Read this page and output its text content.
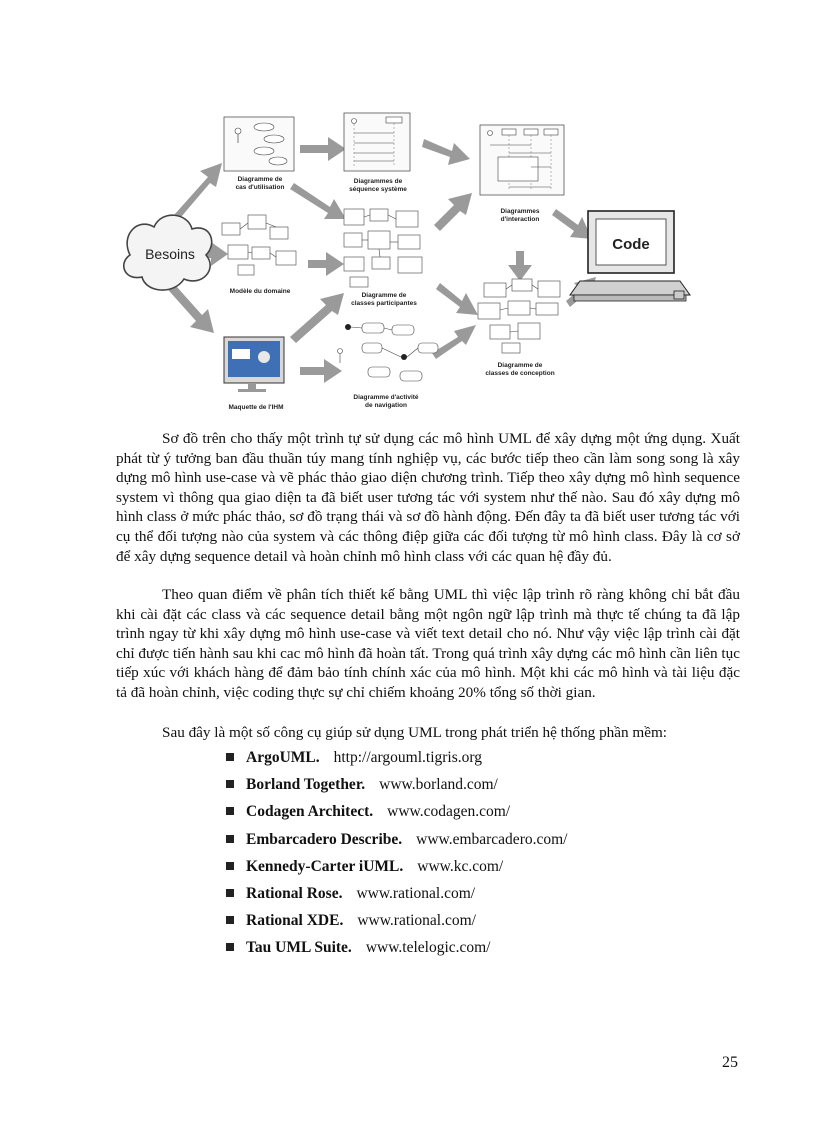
Besoins
Diagramme de
cas d'utilisation
Modèle du domaine
Maquette de l'IHM
Diagrammes de
séquence système
Diagramme de
classes participantes
Diagramme d'activité
de navigation
Diagrammes
d'interaction
Diagramme de
classes de conception
Code

Sơ đồ trên cho thấy một trình tự sử dụng các mô hình UML để xây dựng một ứng dụng. Xuất phát từ ý tưởng ban đầu thuần túy mang tính nghiệp vụ, các bước tiếp theo cần làm song song là xây dựng mô hình use-case và vẽ phác thảo giao diện chương trình. Tiếp theo xây dựng mô hình sequence system vì thông qua giao diện ta đã biết user tương tác với system như thế nào. Sau đó xây dựng mô hình class ở mức phác thảo, sơ đồ trạng thái và sơ đồ hành động. Đến đây ta đã biết user tương tác với cụ thể đối tượng nào của system và các thông điệp giữa các đối tượng từ mô hình class. Đây là cơ sở để xây dựng sequence detail và hoàn chỉnh mô hình class với các quan hệ đầy đủ.

Theo quan điểm về phân tích thiết kế bằng UML thì việc lập trình rõ ràng không chỉ bắt đầu khi cài đặt các class và các sequence detail bằng một ngôn ngữ lập trình mà thực tế chúng ta đã lập trình ngay từ khi xây dựng mô hình use-case và viết text detail cho nó. Như vậy việc lập trình cài đặt chỉ được tiến hành sau khi cac mô hình đã hoàn tất. Trong quá trình xây dựng các mô hình cần liên tục tiếp xúc với khách hàng để đảm bảo tính chính xác của mô hình. Một khi các mô hình và tài liệu đặc tả đã hoàn chỉnh, việc coding thực sự chỉ chiếm khoảng 20% tổng số thời gian.

Sau đây là một số công cụ giúp sử dụng UML trong phát triển hệ thống phần mềm:

ArgoUML. http://argouml.tigris.org
Borland Together. www.borland.com/
Codagen Architect. www.codagen.com/
Embarcadero Describe. www.embarcadero.com/
Kennedy-Carter iUML. www.kc.com/
Rational Rose. www.rational.com/
Rational XDE. www.rational.com/
Tau UML Suite. www.telelogic.com/
25
